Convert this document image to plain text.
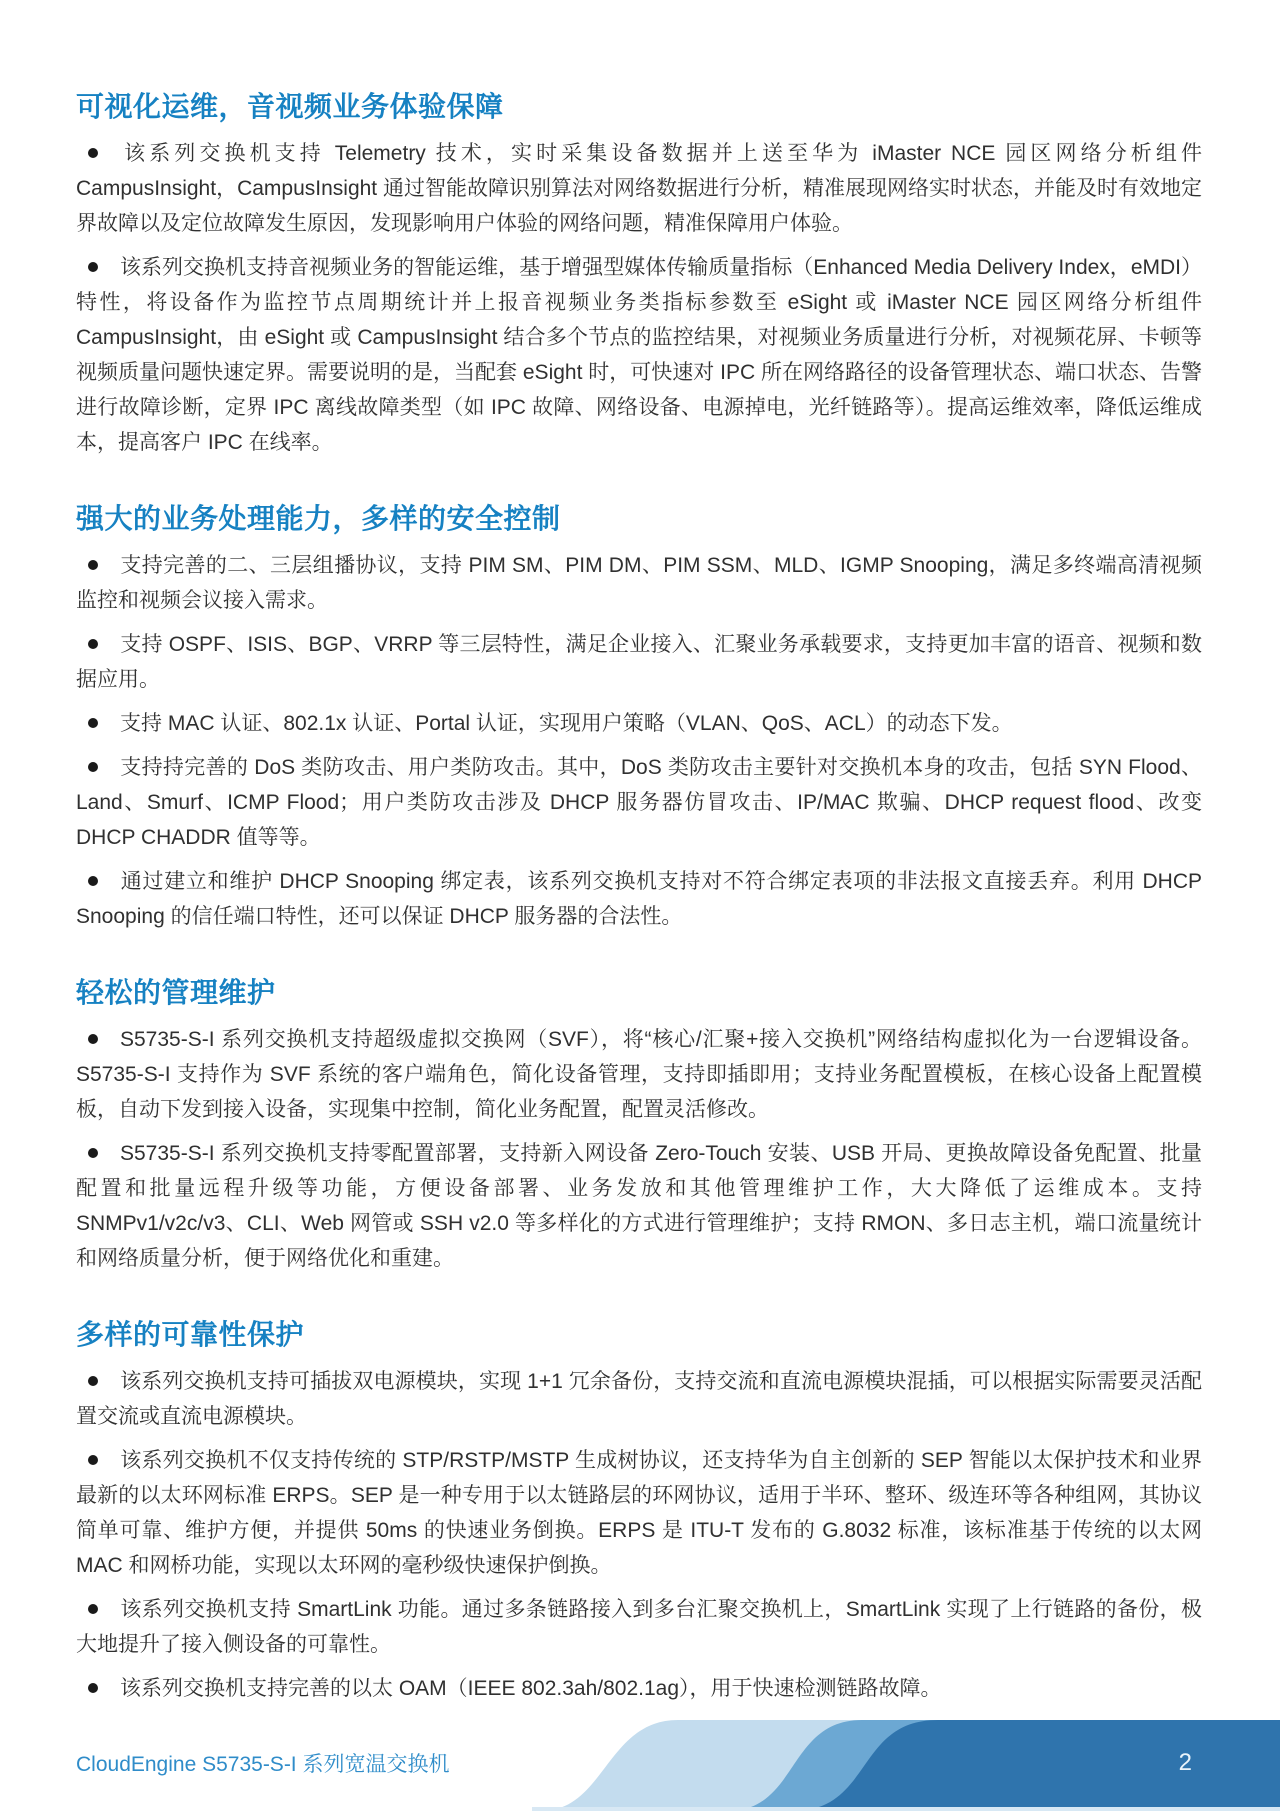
可视化运维，音视频业务体验保障

该系列交换机支持 Telemetry 技术，实时采集设备数据并上送至华为 iMaster NCE 园区网络分析组件 CampusInsight，CampusInsight 通过智能故障识别算法对网络数据进行分析，精准展现网络实时状态，并能及时有效地定界故障以及定位故障发生原因，发现影响用户体验的网络问题，精准保障用户体验。

该系列交换机支持音视频业务的智能运维，基于增强型媒体传输质量指标（Enhanced Media Delivery Index，eMDI）特性，将设备作为监控节点周期统计并上报音视频业务类指标参数至 eSight 或 iMaster NCE 园区网络分析组件 CampusInsight，由 eSight 或 CampusInsight 结合多个节点的监控结果，对视频业务质量进行分析，对视频花屏、卡顿等视频质量问题快速定界。需要说明的是，当配套 eSight 时，可快速对 IPC 所在网络路径的设备管理状态、端口状态、告警进行故障诊断，定界 IPC 离线故障类型（如 IPC 故障、网络设备、电源掉电，光纤链路等）。提高运维效率，降低运维成本，提高客户 IPC 在线率。

强大的业务处理能力，多样的安全控制

支持完善的二、三层组播协议，支持 PIM SM、PIM DM、PIM SSM、MLD、IGMP Snooping，满足多终端高清视频监控和视频会议接入需求。

支持 OSPF、ISIS、BGP、VRRP 等三层特性，满足企业接入、汇聚业务承载要求，支持更加丰富的语音、视频和数据应用。

支持 MAC 认证、802.1x 认证、Portal 认证，实现用户策略（VLAN、QoS、ACL）的动态下发。

支持持完善的 DoS 类防攻击、用户类防攻击。其中，DoS 类防攻击主要针对交换机本身的攻击，包括 SYN Flood、Land、Smurf、ICMP Flood；用户类防攻击涉及 DHCP 服务器仿冒攻击、IP/MAC 欺骗、DHCP request flood、改变 DHCP CHADDR 值等等。

通过建立和维护 DHCP Snooping 绑定表，该系列交换机支持对不符合绑定表项的非法报文直接丢弃。利用 DHCP Snooping 的信任端口特性，还可以保证 DHCP 服务器的合法性。

轻松的管理维护

S5735-S-I 系列交换机支持超级虚拟交换网（SVF），将“核心/汇聚+接入交换机”网络结构虚拟化为一台逻辑设备。S5735-S-I 支持作为 SVF 系统的客户端角色，简化设备管理，支持即插即用；支持业务配置模板，在核心设备上配置模板，自动下发到接入设备，实现集中控制，简化业务配置，配置灵活修改。

S5735-S-I 系列交换机支持零配置部署，支持新入网设备 Zero-Touch 安装、USB 开局、更换故障设备免配置、批量配置和批量远程升级等功能，方便设备部署、业务发放和其他管理维护工作，大大降低了运维成本。支持 SNMPv1/v2c/v3、CLI、Web 网管或 SSH v2.0 等多样化的方式进行管理维护；支持 RMON、多日志主机，端口流量统计和网络质量分析，便于网络优化和重建。

多样的可靠性保护

该系列交换机支持可插拔双电源模块，实现 1+1 冗余备份，支持交流和直流电源模块混插，可以根据实际需要灵活配置交流或直流电源模块。

该系列交换机不仅支持传统的 STP/RSTP/MSTP 生成树协议，还支持华为自主创新的 SEP 智能以太保护技术和业界最新的以太环网标准 ERPS。SEP 是一种专用于以太链路层的环网协议，适用于半环、整环、级连环等各种组网，其协议简单可靠、维护方便，并提供 50ms 的快速业务倒换。ERPS 是 ITU-T 发布的 G.8032 标准，该标准基于传统的以太网 MAC 和网桥功能，实现以太环网的毫秒级快速保护倒换。

该系列交换机支持 SmartLink 功能。通过多条链路接入到多台汇聚交换机上，SmartLink 实现了上行链路的备份，极大地提升了接入侧设备的可靠性。

该系列交换机支持完善的以太 OAM（IEEE 802.3ah/802.1ag），用于快速检测链路故障。

CloudEngine S5735-S-I 系列宽温交换机	2
